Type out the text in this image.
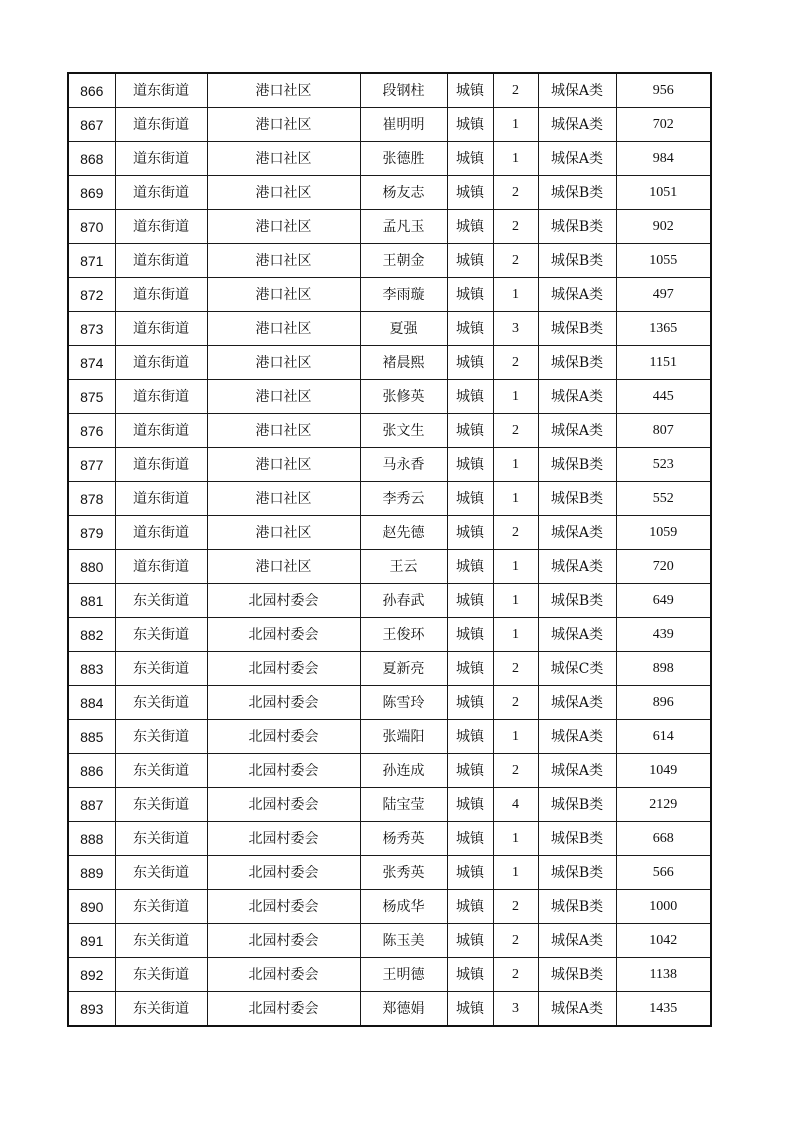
866	道东街道	港口社区	段钢柱	城镇	2	城保A类	956
867	道东街道	港口社区	崔明明	城镇	1	城保A类	702
868	道东街道	港口社区	张德胜	城镇	1	城保A类	984
869	道东街道	港口社区	杨友志	城镇	2	城保B类	1051
870	道东街道	港口社区	孟凡玉	城镇	2	城保B类	902
871	道东街道	港口社区	王朝金	城镇	2	城保B类	1055
872	道东街道	港口社区	李雨璇	城镇	1	城保A类	497
873	道东街道	港口社区	夏强	城镇	3	城保B类	1365
874	道东街道	港口社区	褚晨熙	城镇	2	城保B类	1151
875	道东街道	港口社区	张修英	城镇	1	城保A类	445
876	道东街道	港口社区	张文生	城镇	2	城保A类	807
877	道东街道	港口社区	马永香	城镇	1	城保B类	523
878	道东街道	港口社区	李秀云	城镇	1	城保B类	552
879	道东街道	港口社区	赵先德	城镇	2	城保A类	1059
880	道东街道	港口社区	王云	城镇	1	城保A类	720
881	东关街道	北园村委会	孙春武	城镇	1	城保B类	649
882	东关街道	北园村委会	王俊环	城镇	1	城保A类	439
883	东关街道	北园村委会	夏新亮	城镇	2	城保C类	898
884	东关街道	北园村委会	陈雪玲	城镇	2	城保A类	896
885	东关街道	北园村委会	张端阳	城镇	1	城保A类	614
886	东关街道	北园村委会	孙连成	城镇	2	城保A类	1049
887	东关街道	北园村委会	陆宝莹	城镇	4	城保B类	2129
888	东关街道	北园村委会	杨秀英	城镇	1	城保B类	668
889	东关街道	北园村委会	张秀英	城镇	1	城保B类	566
890	东关街道	北园村委会	杨成华	城镇	2	城保B类	1000
891	东关街道	北园村委会	陈玉美	城镇	2	城保A类	1042
892	东关街道	北园村委会	王明德	城镇	2	城保B类	1138
893	东关街道	北园村委会	郑德娟	城镇	3	城保A类	1435
